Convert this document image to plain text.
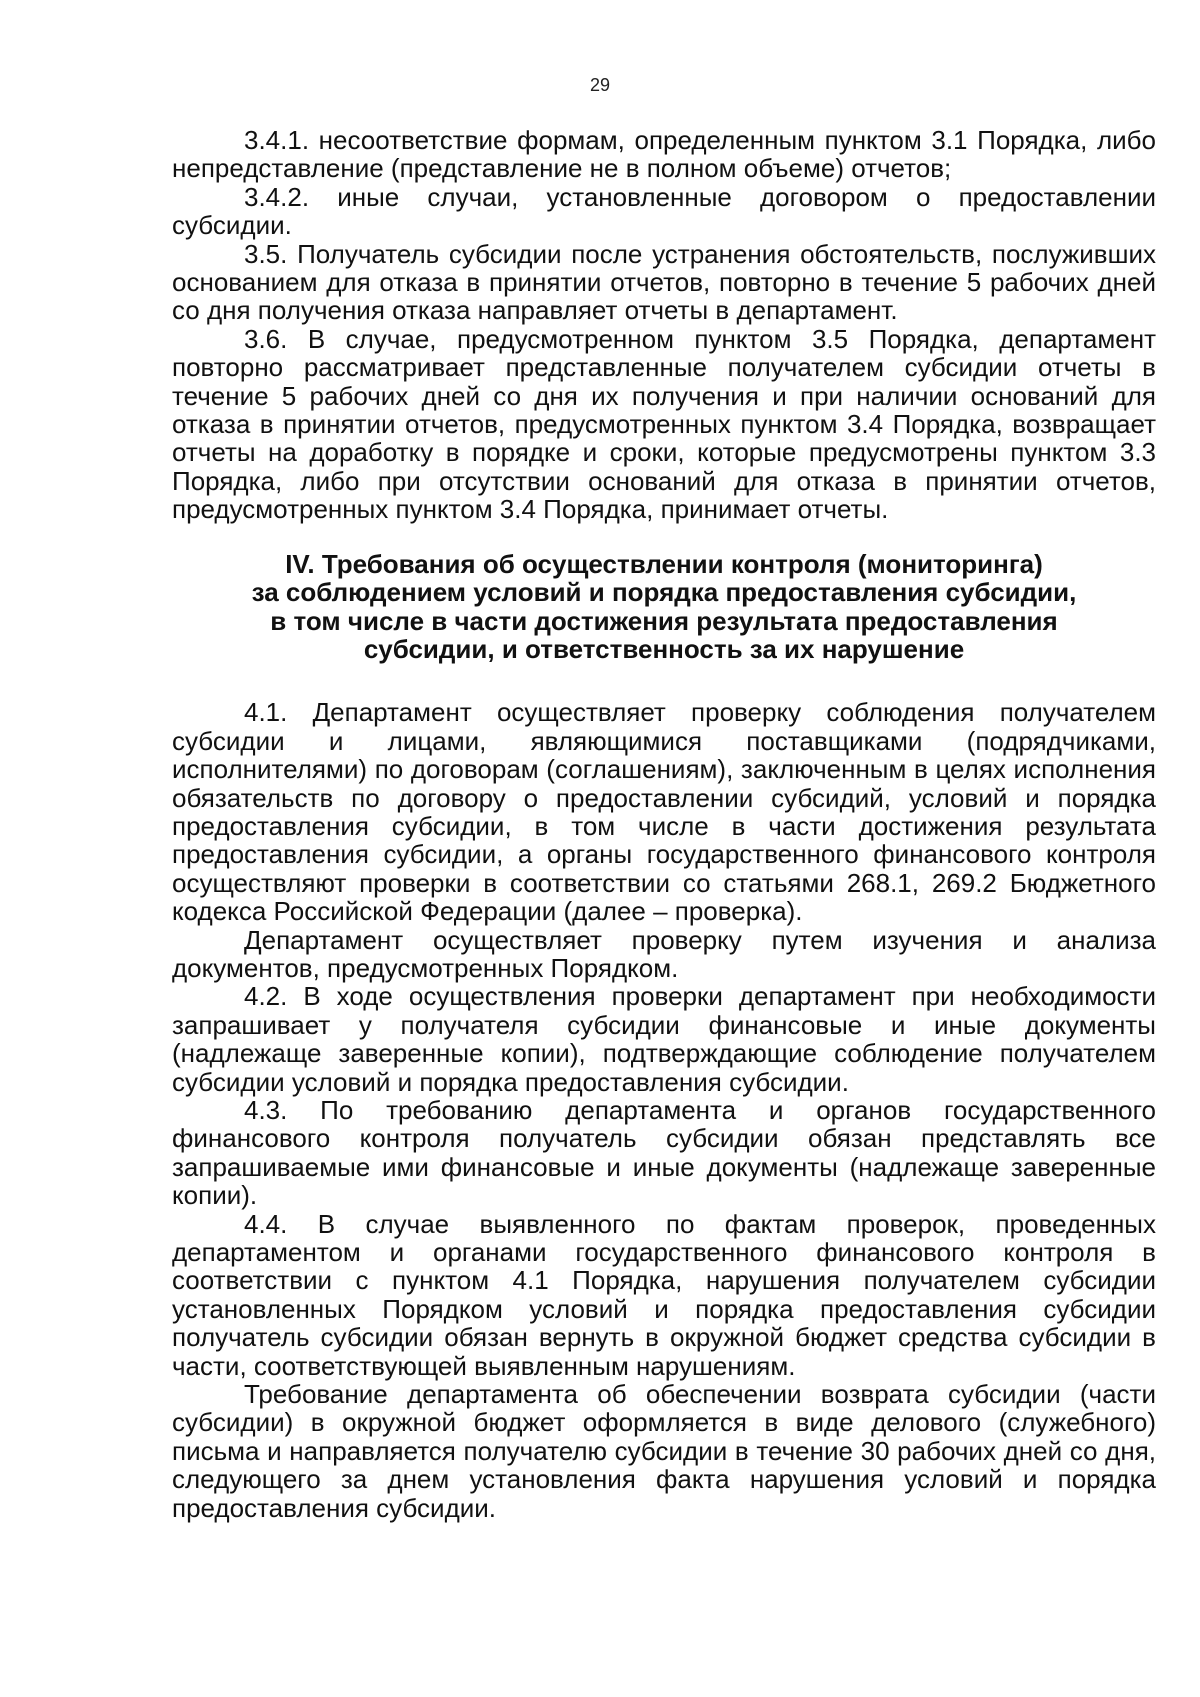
29

3.4.1. несоответствие формам, определенным пунктом 3.1 Порядка, либо непредставление (представление не в полном объеме) отчетов;

3.4.2. иные случаи, установленные договором о предоставлении субсидии.

3.5. Получатель субсидии после устранения обстоятельств, послуживших основанием для отказа в принятии отчетов, повторно в течение 5 рабочих дней со дня получения отказа направляет отчеты в департамент.

3.6. В случае, предусмотренном пунктом 3.5 Порядка, департамент повторно рассматривает представленные получателем субсидии отчеты в течение 5 рабочих дней со дня их получения и при наличии оснований для отказа в принятии отчетов, предусмотренных пунктом 3.4 Порядка, возвращает отчеты на доработку в порядке и сроки, которые предусмотрены пунктом 3.3 Порядка, либо при отсутствии оснований для отказа в принятии отчетов, предусмотренных пунктом 3.4 Порядка, принимает отчеты.

IV. Требования об осуществлении контроля (мониторинга)
за соблюдением условий и порядка предоставления субсидии,
в том числе в части достижения результата предоставления
субсидии, и ответственность за их нарушение

4.1. Департамент осуществляет проверку соблюдения получателем субсидии и лицами, являющимися поставщиками (подрядчиками, исполнителями) по договорам (соглашениям), заключенным в целях исполнения обязательств по договору о предоставлении субсидий, условий и порядка предоставления субсидии, в том числе в части достижения результата предоставления субсидии, а органы государственного финансового контроля осуществляют проверки в соответствии со статьями 268.1, 269.2 Бюджетного кодекса Российской Федерации (далее – проверка).

Департамент осуществляет проверку путем изучения и анализа документов, предусмотренных Порядком.

4.2. В ходе осуществления проверки департамент при необходимости запрашивает у получателя субсидии финансовые и иные документы (надлежаще заверенные копии), подтверждающие соблюдение получателем субсидии условий и порядка предоставления субсидии.

4.3. По требованию департамента и органов государственного финансового контроля получатель субсидии обязан представлять все запрашиваемые ими финансовые и иные документы (надлежаще заверенные копии).

4.4. В случае выявленного по фактам проверок, проведенных департаментом и органами государственного финансового контроля в соответствии с пунктом 4.1 Порядка, нарушения получателем субсидии установленных Порядком условий и порядка предоставления субсидии получатель субсидии обязан вернуть в окружной бюджет средства субсидии в части, соответствующей выявленным нарушениям.

Требование департамента об обеспечении возврата субсидии (части субсидии) в окружной бюджет оформляется в виде делового (служебного) письма и направляется получателю субсидии в течение 30 рабочих дней со дня, следующего за днем установления факта нарушения условий и порядка предоставления субсидии.
